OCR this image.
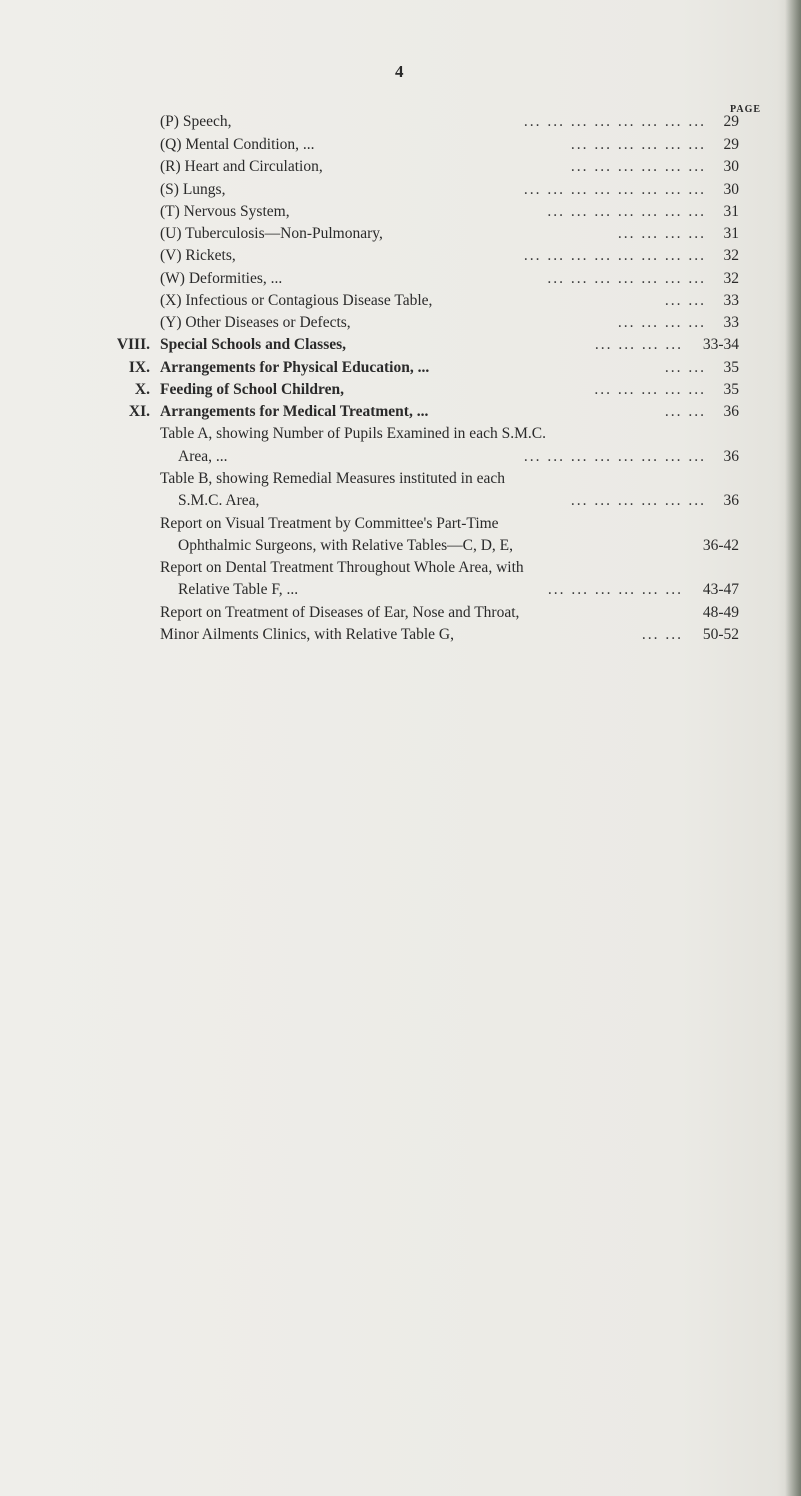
4
PAGE
(P) Speech,	... ... ... ... ... ... ... ... 29
(Q) Mental Condition, ...	... ... ... ... ... ... 29
(R) Heart and Circulation,	... ... ... ... ... ... 30
(S) Lungs,	... ... ... ... ... ... ... ... 30
(T) Nervous System,	... ... ... ... ... ... ... 31
(U) Tuberculosis—Non-Pulmonary,	... ... ... ... 31
(V) Rickets,	... ... ... ... ... ... ... ... 32
(W) Deformities, ...	... ... ... ... ... ... ... 32
(X) Infectious or Contagious Disease Table,	... ... 33
(Y) Other Diseases or Defects,	... ... ... ... 33
VIII. Special Schools and Classes,	... ... ... ... 33-34
IX. Arrangements for Physical Education, ...	... ... 35
X. Feeding of School Children,	... ... ... ... ... 35
XI. Arrangements for Medical Treatment, ...	... ... 36
Table A, showing Number of Pupils Examined in each S.M.C.
Area, ...	... ... ... ... ... ... ... ... 36
Table B, showing Remedial Measures instituted in each
S.M.C. Area,	... ... ... ... ... ... 36
Report on Visual Treatment by Committee's Part-Time
Ophthalmic Surgeons, with Relative Tables—C, D, E,	36-42
Report on Dental Treatment Throughout Whole Area, with
Relative Table F, ...	... ... ... ... ... ... 43-47
Report on Treatment of Diseases of Ear, Nose and Throat,	48-49
Minor Ailments Clinics, with Relative Table G,	... ... 50-52
